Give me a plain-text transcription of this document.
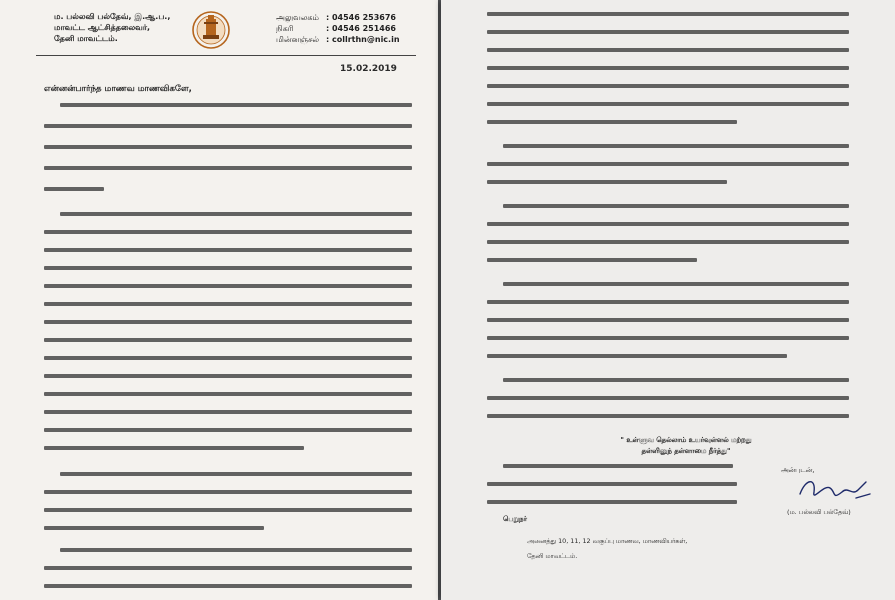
ம. பல்லவி பல்தேவ், இ.ஆ.ப.,
மாவட்ட ஆட்சித்தலைவர்,
தேனி மாவட்டம்.
அலுவலகம் : 04546 253676
நிகரி	: 04546 251466
மின்னஞ்சல் : collrthn@nic.in
15.02.2019
என்னன்பார்ந்த மாணவ மாணவிகளே,
" உள்ளுவ தெல்லாம் உயர்வுள்ளல் மற்றது
தள்ளினுந் தள்ளாமை நீர்த்து"
அன்புடன்,
(ம. பல்லவி பல்தேவ்)
பெறுநர்
அனைத்து 10, 11, 12 வகுப்பு மாணவ, மாணவியர்கள்,
தேனி மாவட்டம்.
